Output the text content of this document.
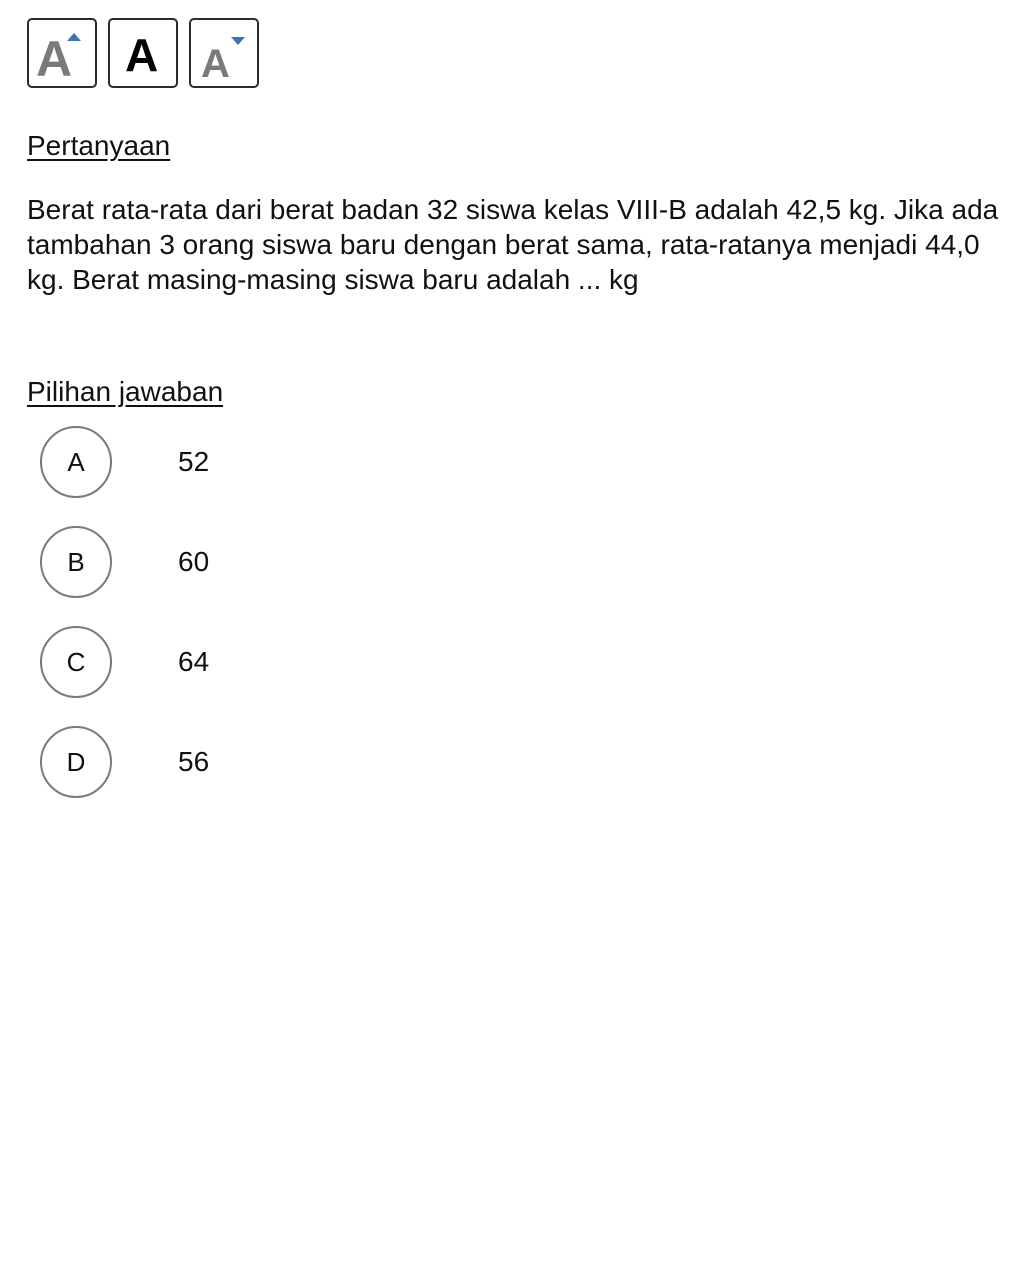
A A A
Pertanyaan

Berat rata-rata dari berat badan 32 siswa kelas VIII-B adalah 42,5 kg. Jika ada tambahan 3 orang siswa baru dengan berat sama, rata-ratanya menjadi 44,0 kg. Berat masing-masing siswa baru adalah ... kg

Pilihan jawaban
A	52
B	60
C	64
D	56
